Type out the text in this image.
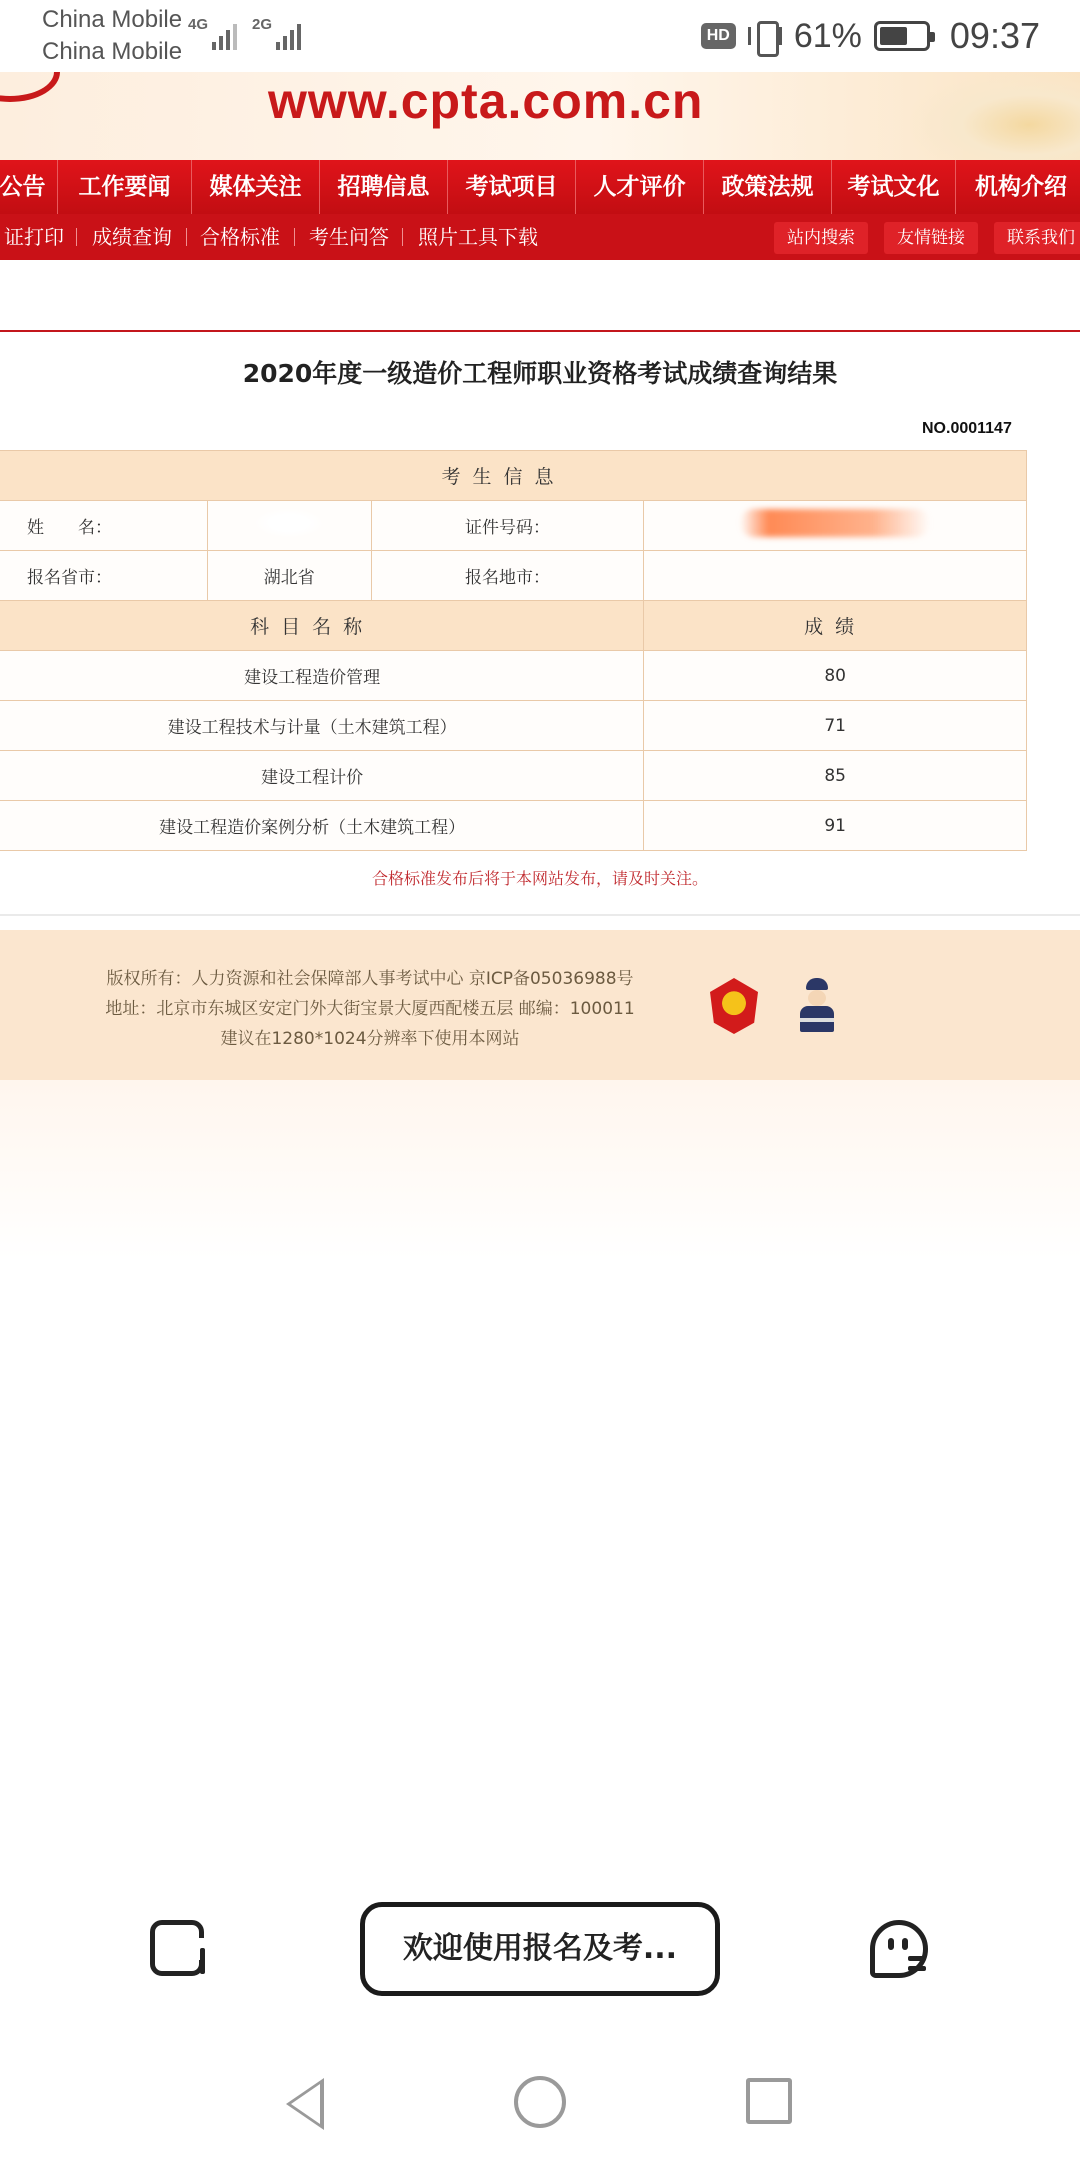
China Mobile
China Mobile
4G	2G
HD 61% 09:37
www.cpta.com.cn
公告	工作要闻	媒体关注	招聘信息	考试项目	人才评价	政策法规	考试文化	机构介绍
证打印 成绩查询 合格标准 考生问答 照片工具下载	站内搜索	友情链接	联系我们
2020年度一级造价工程师职业资格考试成绩查询结果
NO.0001147
考生信息			
姓　　名：		证件号码：	
报名省市：	湖北省	报名地市：	
科目名称			成绩
建设工程造价管理			80
建设工程技术与计量（土木建筑工程）			71
建设工程计价			85
建设工程造价案例分析（土木建筑工程）			91
合格标准发布后将于本网站发布，请及时关注。
版权所有：人力资源和社会保障部人事考试中心 京ICP备05036988号
地址：北京市东城区安定门外大街宝景大厦西配楼五层 邮编：100011
建议在1280*1024分辨率下使用本网站
欢迎使用报名及考...
